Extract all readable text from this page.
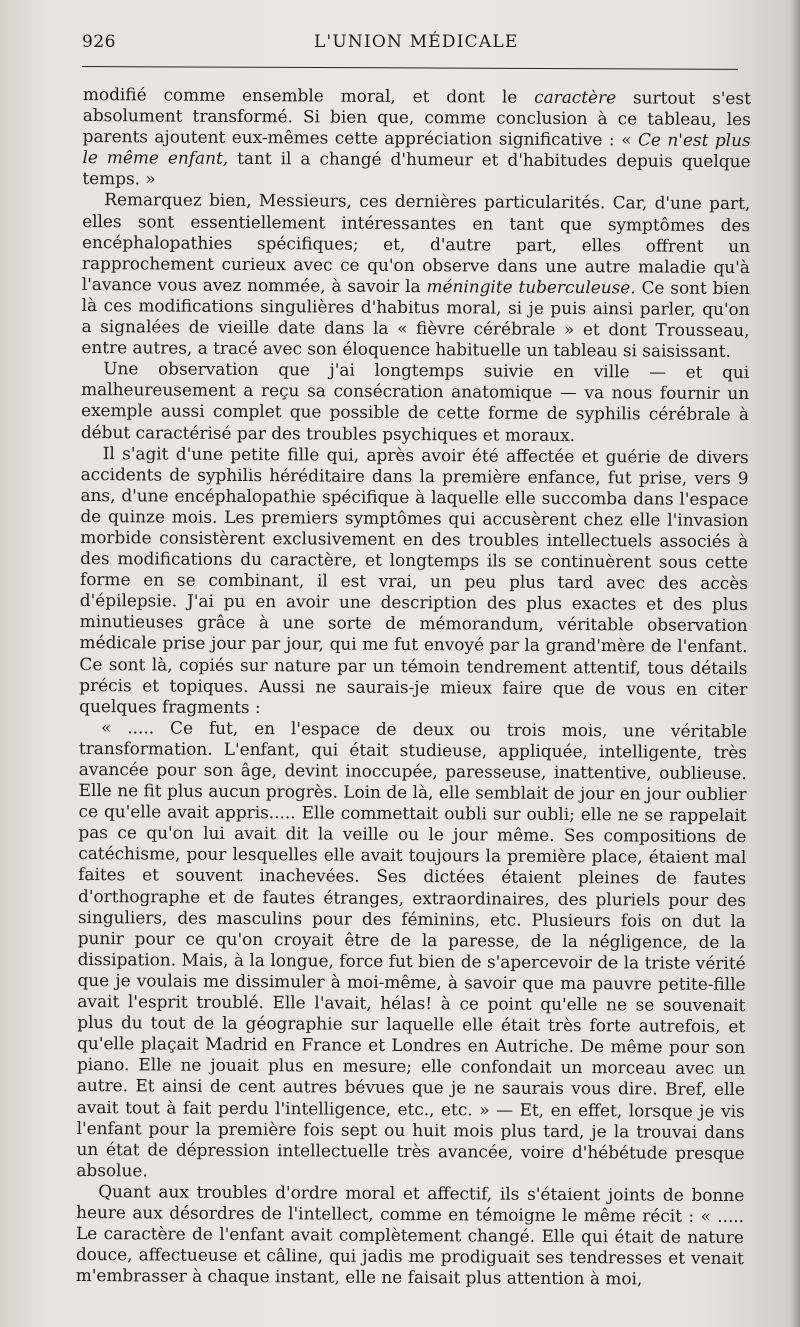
926	L'UNION MÉDICALE

modifié comme ensemble moral, et dont le caractère surtout s'est absolument transformé. Si bien que, comme conclusion à ce tableau, les parents ajoutent eux-mêmes cette appréciation significative : « Ce n'est plus le même enfant, tant il a changé d'humeur et d'habitudes depuis quelque temps. »

Remarquez bien, Messieurs, ces dernières particularités. Car, d'une part, elles sont essentiellement intéressantes en tant que symptômes des encéphalopathies spécifiques; et, d'autre part, elles offrent un rapprochement curieux avec ce qu'on observe dans une autre maladie qu'à l'avance vous avez nommée, à savoir la méningite tuberculeuse. Ce sont bien là ces modifications singulières d'habitus moral, si je puis ainsi parler, qu'on a signalées de vieille date dans la « fièvre cérébrale » et dont Trousseau, entre autres, a tracé avec son éloquence habituelle un tableau si saisissant.

Une observation que j'ai longtemps suivie en ville — et qui malheureusement a reçu sa consécration anatomique — va nous fournir un exemple aussi complet que possible de cette forme de syphilis cérébrale à début caractérisé par des troubles psychiques et moraux.

Il s'agit d'une petite fille qui, après avoir été affectée et guérie de divers accidents de syphilis héréditaire dans la première enfance, fut prise, vers 9 ans, d'une encéphalopathie spécifique à laquelle elle succomba dans l'espace de quinze mois. Les premiers symptômes qui accusèrent chez elle l'invasion morbide consistèrent exclusivement en des troubles intellectuels associés à des modifications du caractère, et longtemps ils se continuèrent sous cette forme en se combinant, il est vrai, un peu plus tard avec des accès d'épilepsie. J'ai pu en avoir une description des plus exactes et des plus minutieuses grâce à une sorte de mémorandum, véritable observation médicale prise jour par jour, qui me fut envoyé par la grand'mère de l'enfant. Ce sont là, copiés sur nature par un témoin tendrement attentif, tous détails précis et topiques. Aussi ne saurais-je mieux faire que de vous en citer quelques fragments :

« ..... Ce fut, en l'espace de deux ou trois mois, une véritable transformation. L'enfant, qui était studieuse, appliquée, intelligente, très avancée pour son âge, devint inoccupée, paresseuse, inattentive, oublieuse. Elle ne fit plus aucun progrès. Loin de là, elle semblait de jour en jour oublier ce qu'elle avait appris..... Elle commettait oubli sur oubli; elle ne se rappelait pas ce qu'on lui avait dit la veille ou le jour même. Ses compositions de catéchisme, pour lesquelles elle avait toujours la première place, étaient mal faites et souvent inachevées. Ses dictées étaient pleines de fautes d'orthographe et de fautes étranges, extraordinaires, des pluriels pour des singuliers, des masculins pour des féminins, etc. Plusieurs fois on dut la punir pour ce qu'on croyait être de la paresse, de la négligence, de la dissipation. Mais, à la longue, force fut bien de s'apercevoir de la triste vérité que je voulais me dissimuler à moi-même, à savoir que ma pauvre petite-fille avait l'esprit troublé. Elle l'avait, hélas! à ce point qu'elle ne se souvenait plus du tout de la géographie sur laquelle elle était très forte autrefois, et qu'elle plaçait Madrid en France et Londres en Autriche. De même pour son piano. Elle ne jouait plus en mesure; elle confondait un morceau avec un autre. Et ainsi de cent autres bévues que je ne saurais vous dire. Bref, elle avait tout à fait perdu l'intelligence, etc., etc. » — Et, en effet, lorsque je vis l'enfant pour la première fois sept ou huit mois plus tard, je la trouvai dans un état de dépression intellectuelle très avancée, voire d'hébétude presque absolue.

Quant aux troubles d'ordre moral et affectif, ils s'étaient joints de bonne heure aux désordres de l'intellect, comme en témoigne le même récit : « ..... Le caractère de l'enfant avait complètement changé. Elle qui était de nature douce, affectueuse et câline, qui jadis me prodiguait ses tendresses et venait m'embrasser à chaque instant, elle ne faisait plus attention à moi,
